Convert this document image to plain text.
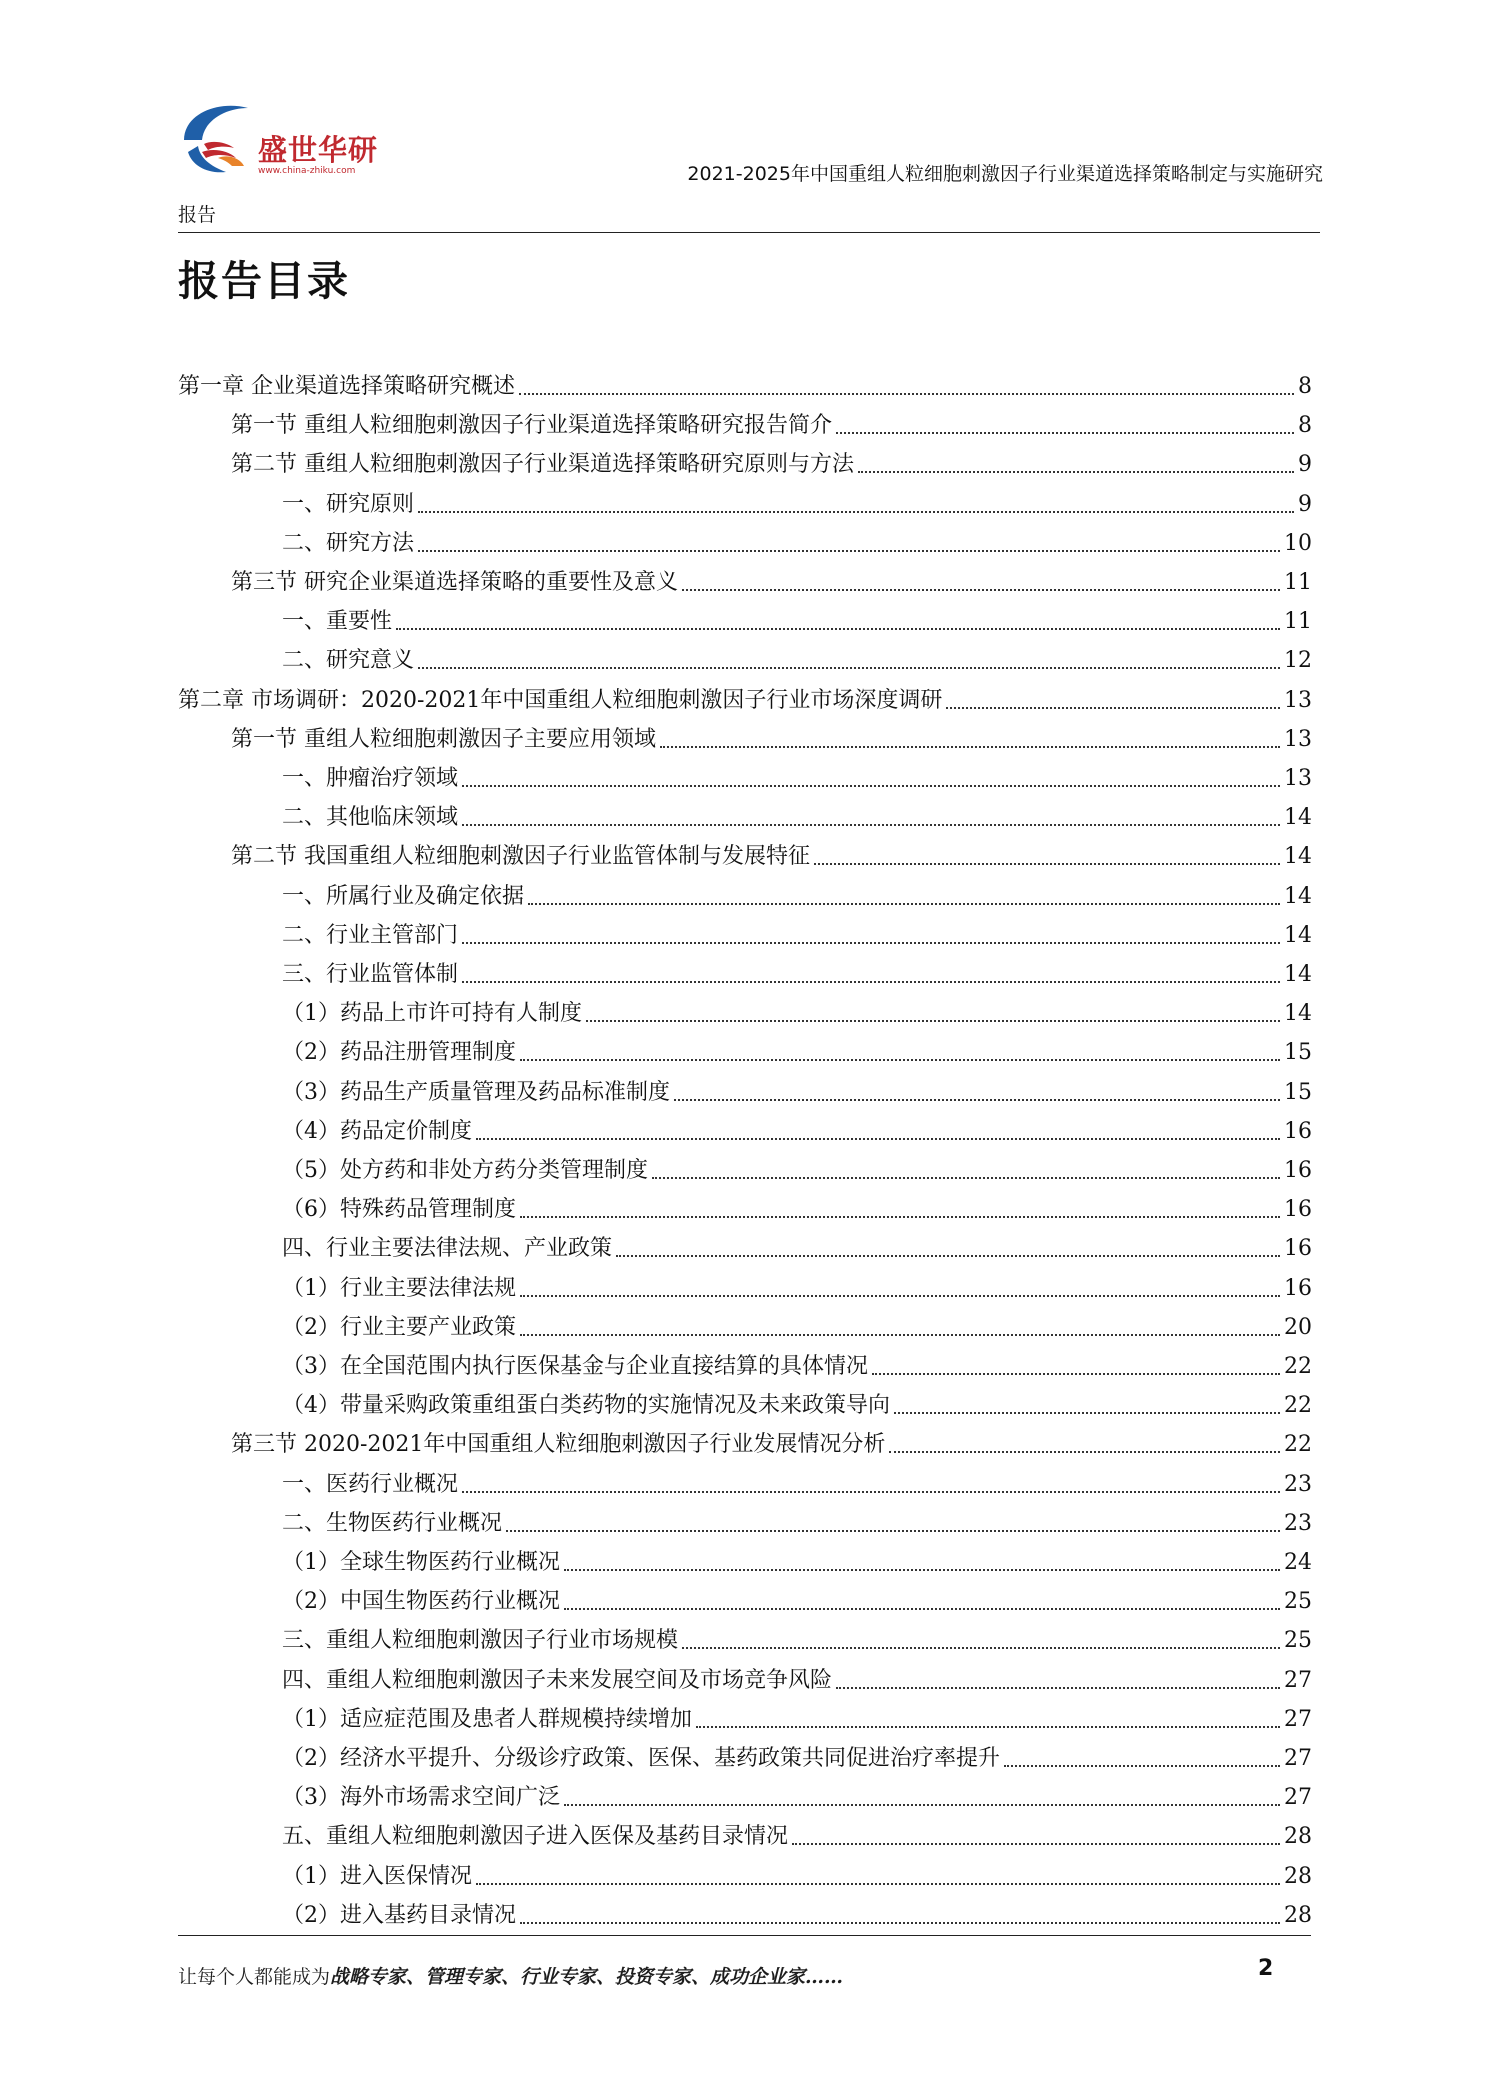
盛世华研
www.china-zhiku.com	2021-2025年中国重组人粒细胞刺激因子行业渠道选择策略制定与实施研究
报告
报告目录
第一章 企业渠道选择策略研究概述	8
第一节 重组人粒细胞刺激因子行业渠道选择策略研究报告简介	8
第二节 重组人粒细胞刺激因子行业渠道选择策略研究原则与方法	9
一、研究原则	9
二、研究方法	10
第三节 研究企业渠道选择策略的重要性及意义	11
一、重要性	11
二、研究意义	12
第二章 市场调研：2020-2021年中国重组人粒细胞刺激因子行业市场深度调研	13
第一节 重组人粒细胞刺激因子主要应用领域	13
一、肿瘤治疗领域	13
二、其他临床领域	14
第二节 我国重组人粒细胞刺激因子行业监管体制与发展特征	14
一、所属行业及确定依据	14
二、行业主管部门	14
三、行业监管体制	14
（1）药品上市许可持有人制度	14
（2）药品注册管理制度	15
（3）药品生产质量管理及药品标准制度	15
（4）药品定价制度	16
（5）处方药和非处方药分类管理制度	16
（6）特殊药品管理制度	16
四、行业主要法律法规、产业政策	16
（1）行业主要法律法规	16
（2）行业主要产业政策	20
（3）在全国范围内执行医保基金与企业直接结算的具体情况	22
（4）带量采购政策重组蛋白类药物的实施情况及未来政策导向	22
第三节 2020-2021年中国重组人粒细胞刺激因子行业发展情况分析	22
一、医药行业概况	23
二、生物医药行业概况	23
（1）全球生物医药行业概况	24
（2）中国生物医药行业概况	25
三、重组人粒细胞刺激因子行业市场规模	25
四、重组人粒细胞刺激因子未来发展空间及市场竞争风险	27
（1）适应症范围及患者人群规模持续增加	27
（2）经济水平提升、分级诊疗政策、医保、基药政策共同促进治疗率提升	27
（3）海外市场需求空间广泛	27
五、重组人粒细胞刺激因子进入医保及基药目录情况	28
（1）进入医保情况	28
（2）进入基药目录情况	28
让每个人都能成为战略专家、管理专家、行业专家、投资专家、成功企业家……	2
